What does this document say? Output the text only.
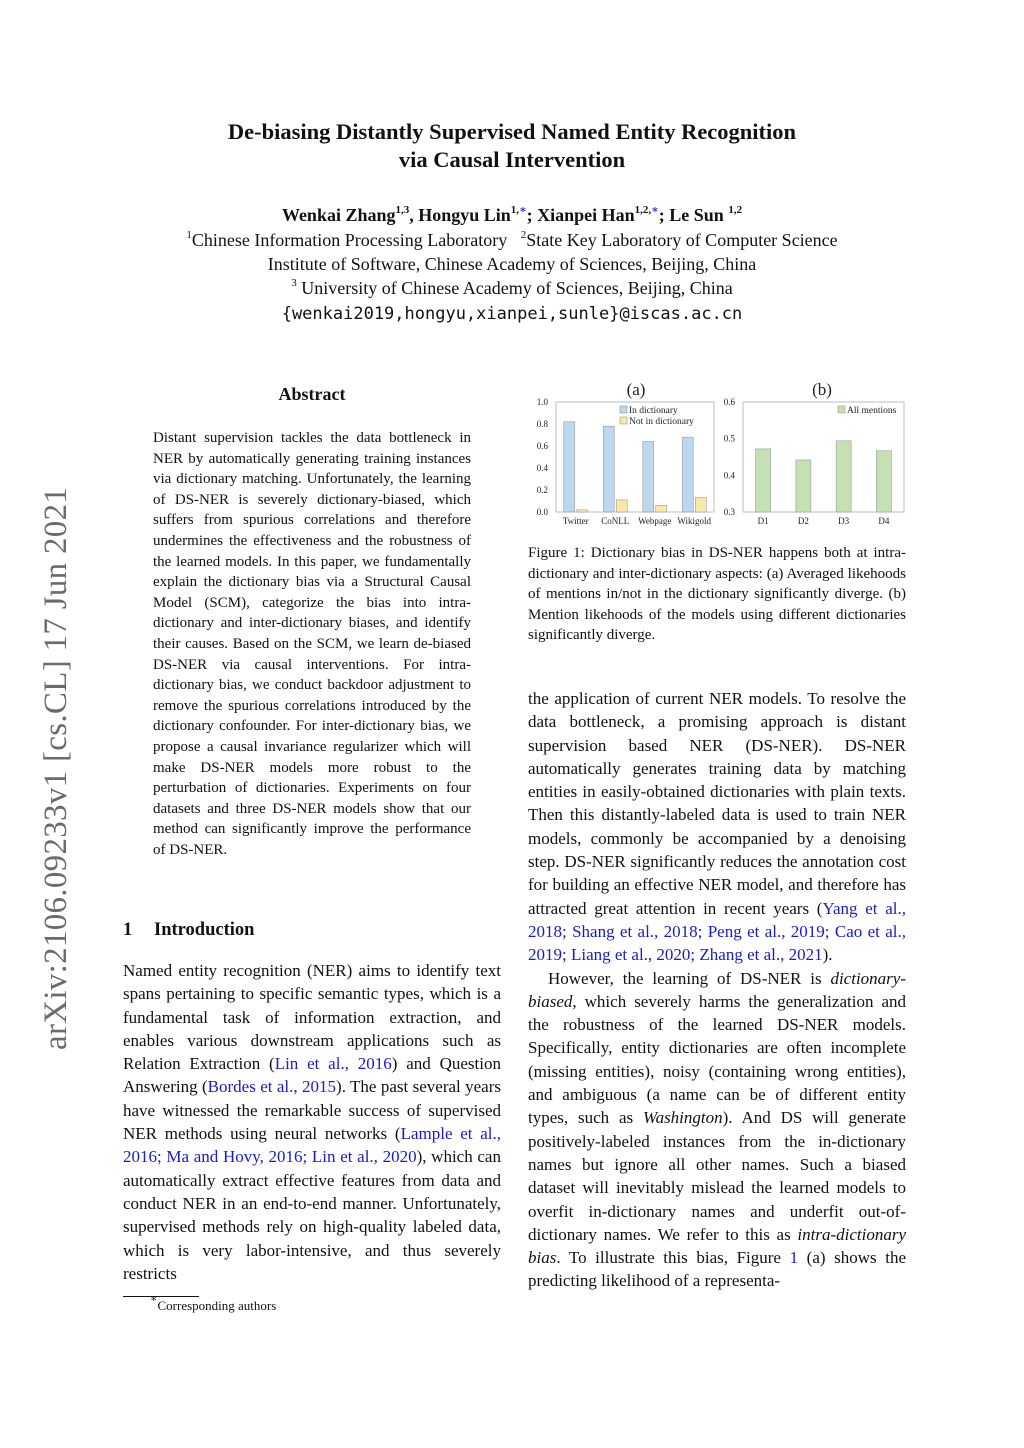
De-biasing Distantly Supervised Named Entity Recognition
via Causal Intervention
Wenkai Zhang$^{1,3}$, Hongyu Lin$^{1,∗}$; Xianpei Han$^{1,2,∗}$; Le Sun $^{1,2}$
$^1$Chinese Information Processing Laboratory $^2$State Key Laboratory of Computer Science
Institute of Software, Chinese Academy of Sciences, Beijing, China
$^3$ University of Chinese Academy of Sciences, Beijing, China
{wenkai2019,hongyu,xianpei,sunle}@iscas.ac.cn
arXiv:2106.09233v1 [cs.CL] 17 Jun 2021
Abstract
Distant supervision tackles the data bottleneck in NER by automatically generating training instances via dictionary matching. Unfortunately, the learning of DS-NER is severely dictionary-biased, which suffers from spurious correlations and therefore undermines the effectiveness and the robustness of the learned models. In this paper, we fundamentally explain the dictionary bias via a Structural Causal Model (SCM), categorize the bias into intra-dictionary and inter-dictionary biases, and identify their causes. Based on the SCM, we learn de-biased DS-NER via causal interventions. For intra-dictionary bias, we conduct backdoor adjustment to remove the spurious correlations introduced by the dictionary confounder. For inter-dictionary bias, we propose a causal invariance regularizer which will make DS-NER models more robust to the perturbation of dictionaries. Experiments on four datasets and three DS-NER models show that our method can significantly improve the performance of DS-NER.
1 Introduction
Named entity recognition (NER) aims to identify text spans pertaining to specific semantic types, which is a fundamental task of information extraction, and enables various downstream applications such as Relation Extraction (Lin et al., 2016) and Question Answering (Bordes et al., 2015). The past several years have witnessed the remarkable success of supervised NER methods using neural networks (Lample et al., 2016; Ma and Hovy, 2016; Lin et al., 2020), which can automatically extract effective features from data and conduct NER in an end-to-end manner. Unfortunately, supervised methods rely on high-quality labeled data, which is very labor-intensive, and thus severely restricts
∗Corresponding authors
(a)
1.0
0.8
0.6
0.4
0.2
0.0
Twitter CoNLL Webpage Wikigold
In dictionary
Not in dictionary
(b)
0.6
0.5
0.4
0.3
D1	D2	D3	D4
All mentions
Figure 1: Dictionary bias in DS-NER happens both at intra-dictionary and inter-dictionary aspects: (a) Averaged likehoods of mentions in/not in the dictionary significantly diverge. (b) Mention likehoods of the models using different dictionaries significantly diverge.

the application of current NER models. To resolve the data bottleneck, a promising approach is distant supervision based NER (DS-NER). DS-NER automatically generates training data by matching entities in easily-obtained dictionaries with plain texts. Then this distantly-labeled data is used to train NER models, commonly be accompanied by a denoising step. DS-NER significantly reduces the annotation cost for building an effective NER model, and therefore has attracted great attention in recent years (Yang et al., 2018; Shang et al., 2018; Peng et al., 2019; Cao et al., 2019; Liang et al., 2020; Zhang et al., 2021).

However, the learning of DS-NER is dictionary-biased, which severely harms the generalization and the robustness of the learned DS-NER models. Specifically, entity dictionaries are often incomplete (missing entities), noisy (containing wrong entities), and ambiguous (a name can be of different entity types, such as Washington). And DS will generate positively-labeled instances from the in-dictionary names but ignore all other names. Such a biased dataset will inevitably mislead the learned models to overfit in-dictionary names and underfit out-of-dictionary names. We refer to this as intra-dictionary bias. To illustrate this bias, Figure 1 (a) shows the predicting likelihood of a representa-
